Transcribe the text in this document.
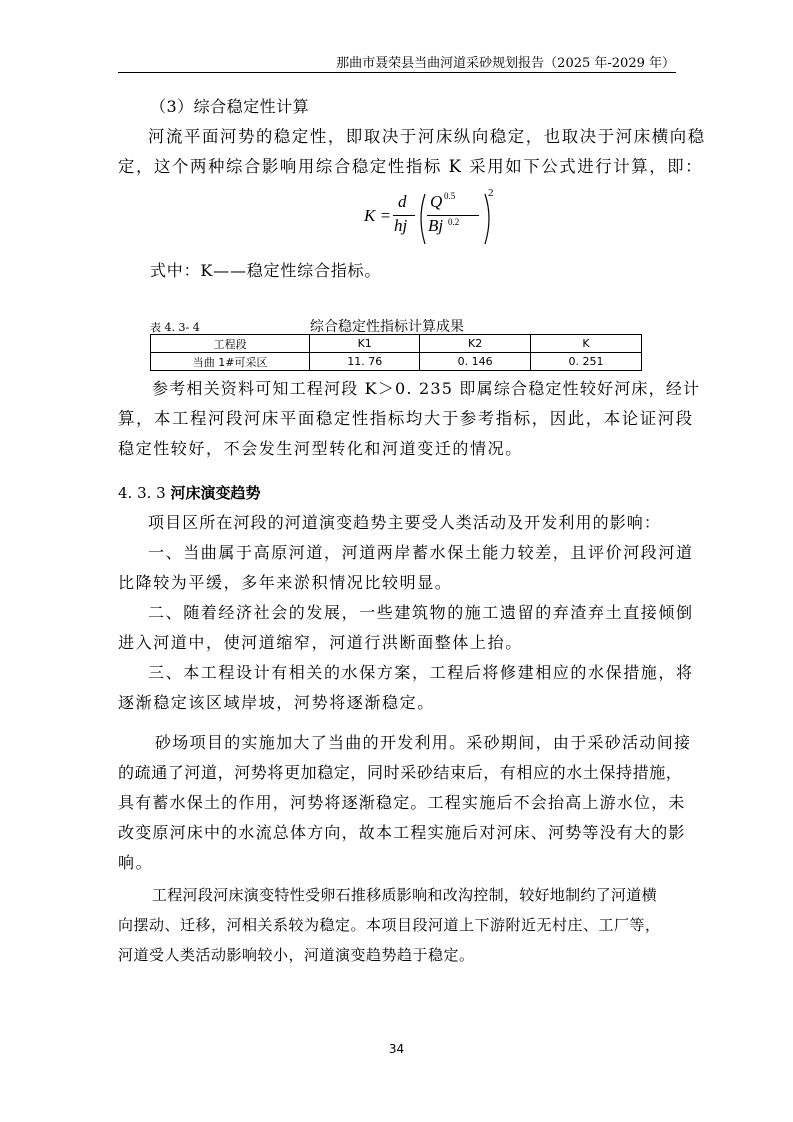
那曲市聂荣县当曲河道采砂规划报告（2025 年-2029 年）
（3）综合稳定性计算
河流平面河势的稳定性，即取决于河床纵向稳定，也取决于河床横向稳
定，这个两种综合影响用综合稳定性指标 K 采用如下公式进行计算，即：
K =
d
hj
Q 0.5
Bj 0.2
2
式中：K——稳定性综合指标。
表 4. 3- 4	综合稳定性指标计算成果
工程段	K1	K2	K
当曲 1#可采区	11. 76	0. 146	0. 251
参考相关资料可知工程河段 K＞0. 235 即属综合稳定性较好河床，经计
算，本工程河段河床平面稳定性指标均大于参考指标，因此，本论证河段
稳定性较好，不会发生河型转化和河道变迁的情况。
4. 3. 3 河床演变趋势
项目区所在河段的河道演变趋势主要受人类活动及开发利用的影响：
一、当曲属于高原河道，河道两岸蓄水保土能力较差，且评价河段河道
比降较为平缓，多年来淤积情况比较明显。
二、随着经济社会的发展，一些建筑物的施工遗留的弃渣弃土直接倾倒
进入河道中，使河道缩窄，河道行洪断面整体上抬。
三、本工程设计有相关的水保方案，工程后将修建相应的水保措施，将
逐渐稳定该区域岸坡，河势将逐渐稳定。
砂场项目的实施加大了当曲的开发利用。采砂期间，由于采砂活动间接
的疏通了河道，河势将更加稳定，同时采砂结束后，有相应的水土保持措施，
具有蓄水保土的作用，河势将逐渐稳定。工程实施后不会抬高上游水位，未
改变原河床中的水流总体方向，故本工程实施后对河床、河势等没有大的影
响。
工程河段河床演变特性受卵石推移质影响和改沟控制，较好地制约了河道横
向摆动、迁移，河相关系较为稳定。本项目段河道上下游附近无村庄、工厂等，
河道受人类活动影响较小，河道演变趋势趋于稳定。
34
